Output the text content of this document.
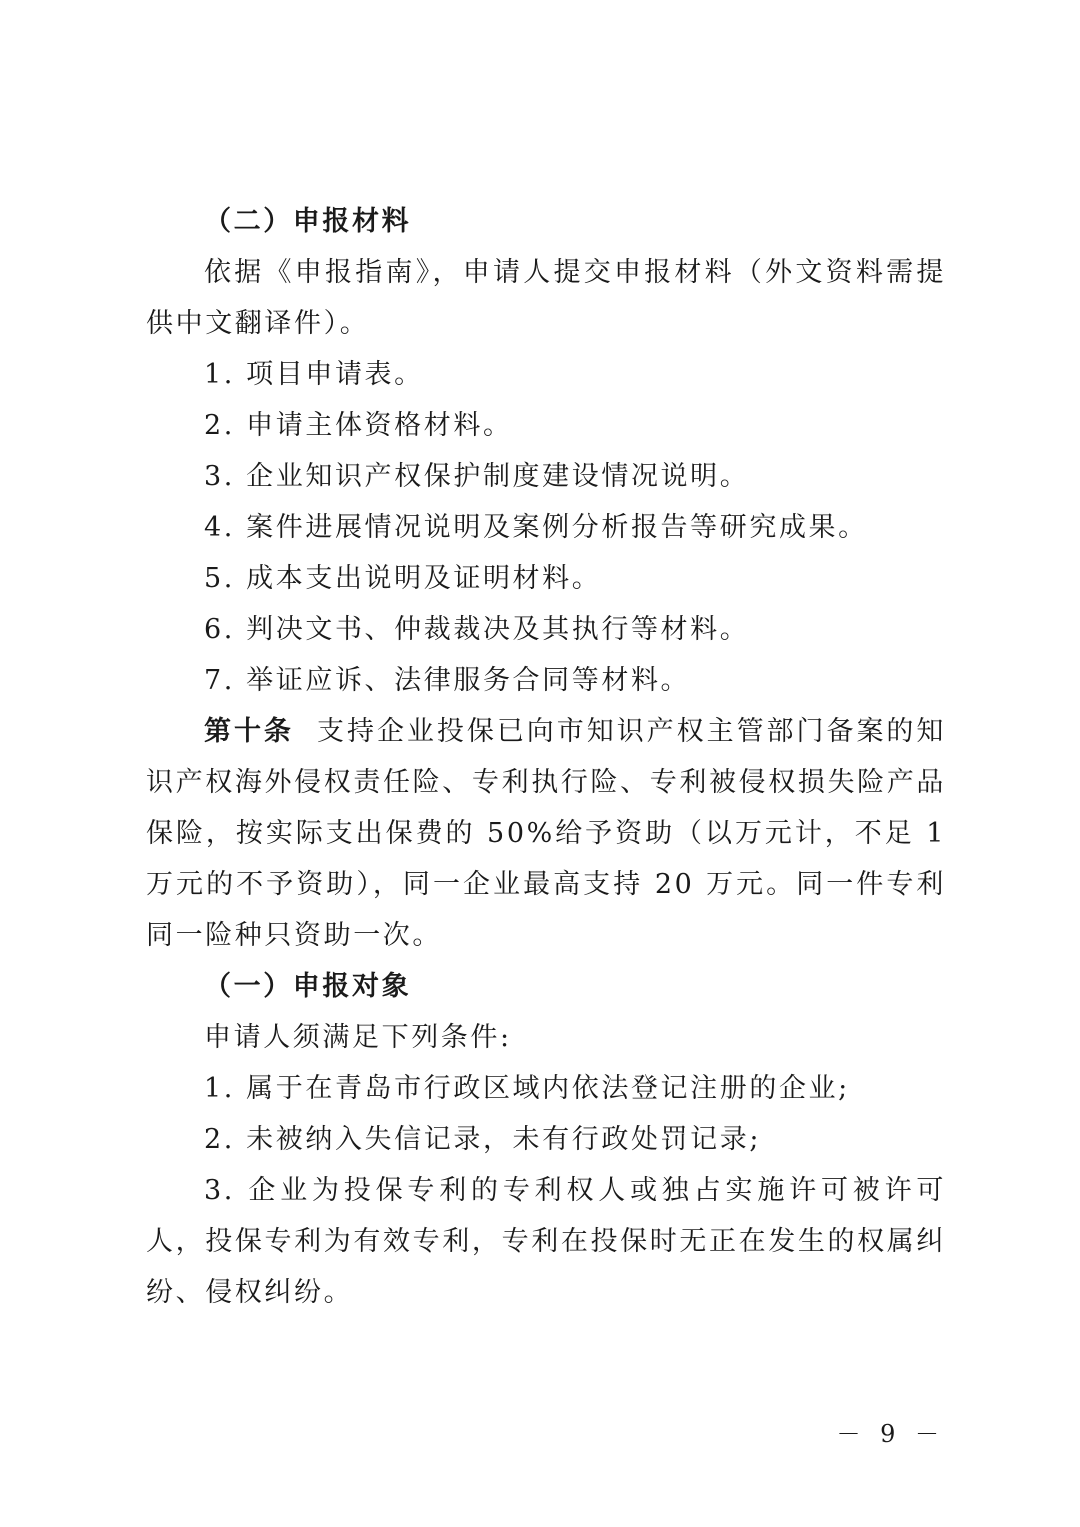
（二）申报材料

依据《申报指南》，申请人提交申报材料（外文资料需提供中文翻译件）。

1. 项目申请表。

2. 申请主体资格材料。

3. 企业知识产权保护制度建设情况说明。

4. 案件进展情况说明及案例分析报告等研究成果。

5. 成本支出说明及证明材料。

6. 判决文书、仲裁裁决及其执行等材料。

7. 举证应诉、法律服务合同等材料。

第十条 支持企业投保已向市知识产权主管部门备案的知识产权海外侵权责任险、专利执行险、专利被侵权损失险产品保险，按实际支出保费的 50%给予资助（以万元计，不足 1 万元的不予资助），同一企业最高支持 20 万元。同一件专利同一险种只资助一次。

（一）申报对象

申请人须满足下列条件:

1. 属于在青岛市行政区域内依法登记注册的企业;

2. 未被纳入失信记录，未有行政处罚记录;

3. 企业为投保专利的专利权人或独占实施许可被许可人，投保专利为有效专利，专利在投保时无正在发生的权属纠纷、侵权纠纷。

－ 9 －
